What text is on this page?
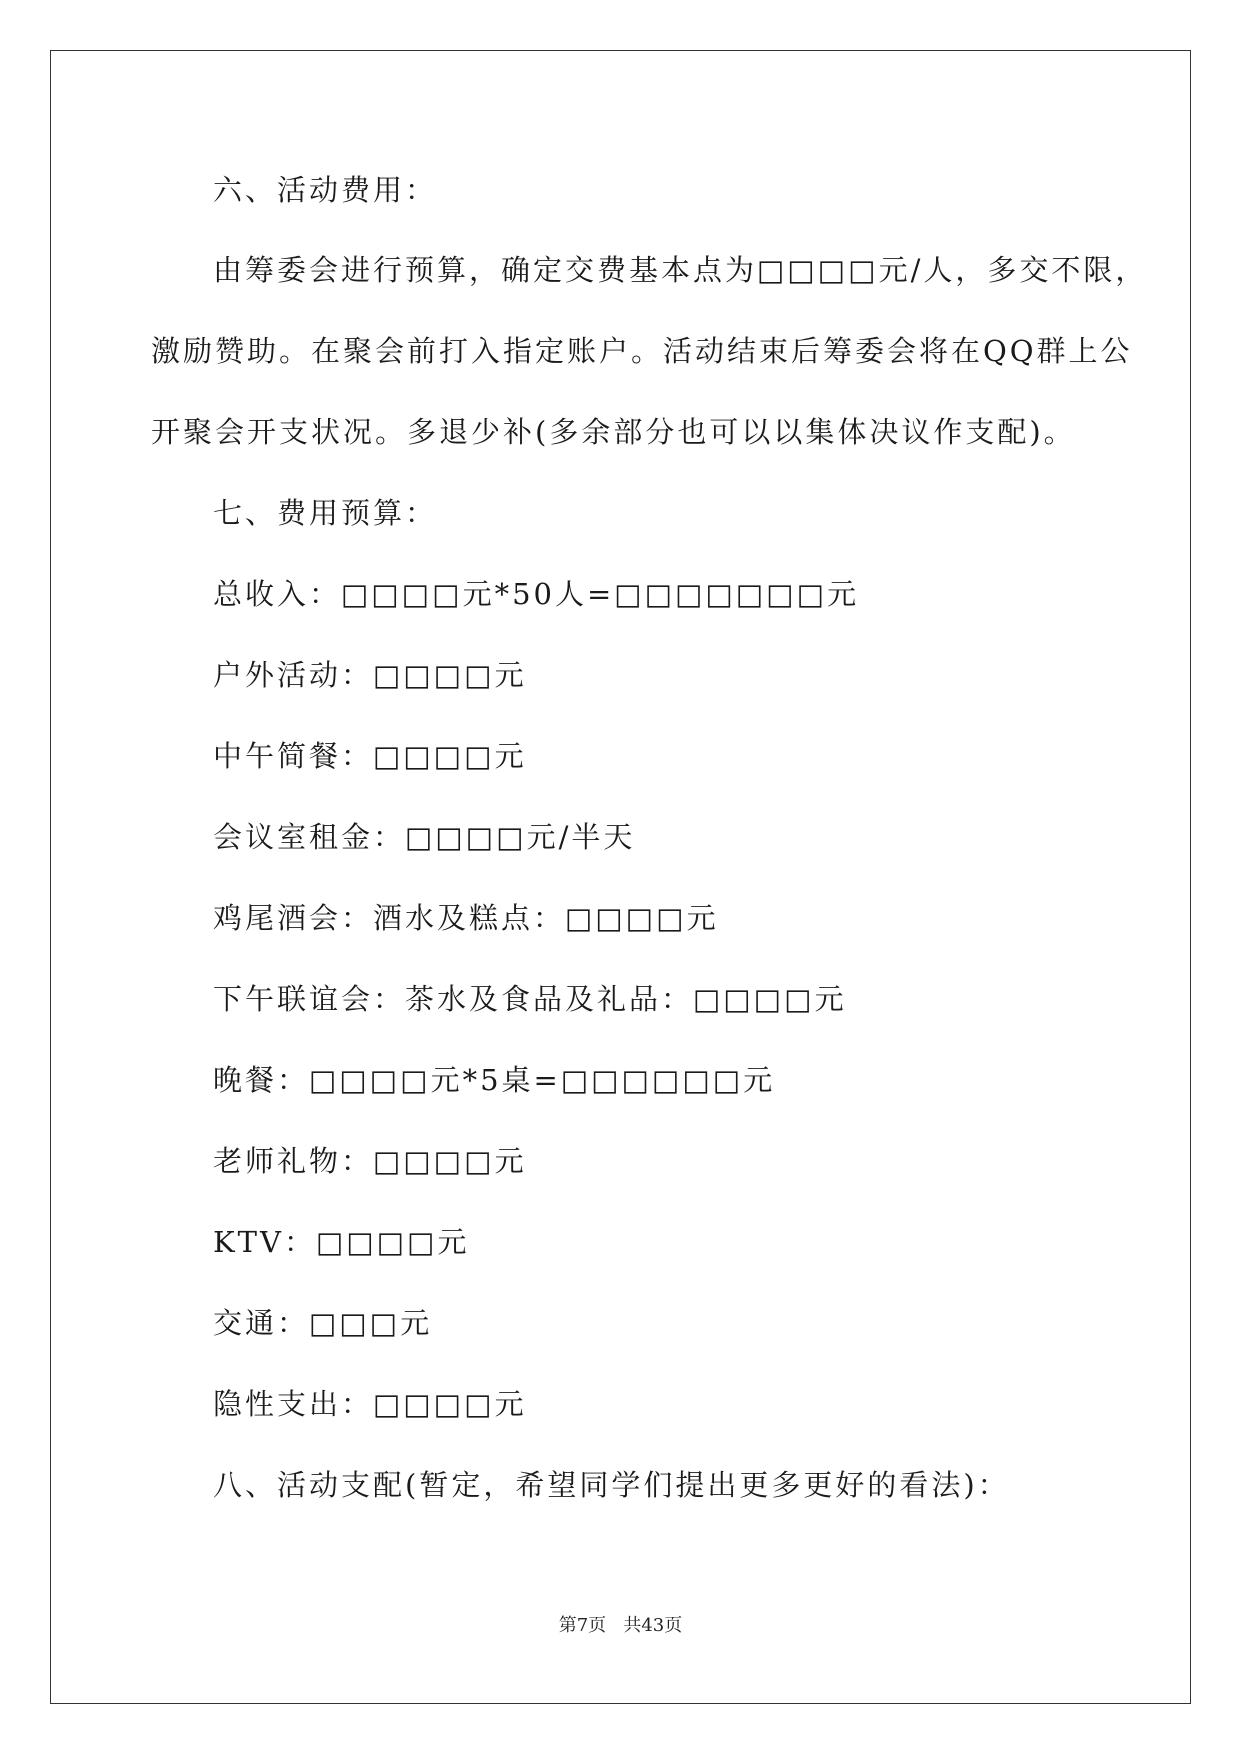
六、活动费用：
由筹委会进行预算，确定交费基本点为□□□□元/人，多交不限，
激励赞助。在聚会前打入指定账户。活动结束后筹委会将在QQ群上公
开聚会开支状况。多退少补(多余部分也可以以集体决议作支配)。
七、费用预算：
总收入：□□□□元*50人=□□□□□□□元
户外活动：□□□□元
中午简餐：□□□□元
会议室租金：□□□□元/半天
鸡尾酒会：酒水及糕点：□□□□元
下午联谊会：茶水及食品及礼品：□□□□元
晚餐：□□□□元*5桌=□□□□□□元
老师礼物：□□□□元
KTV：□□□□元
交通：□□□元
隐性支出：□□□□元
八、活动支配(暂定，希望同学们提出更多更好的看法)：
第7页   共43页
